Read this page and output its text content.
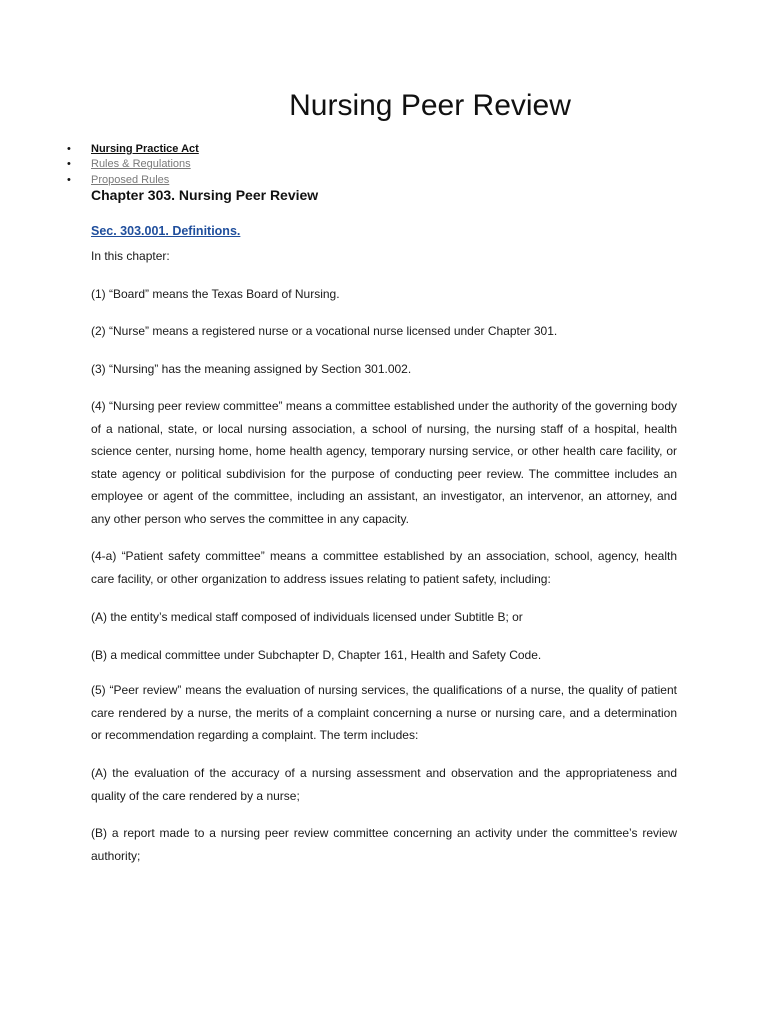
Nursing Peer Review
• Nursing Practice Act
• Rules & Regulations
• Proposed Rules
Chapter 303. Nursing Peer Review
Sec. 303.001. Definitions.

In this chapter:

(1) “Board” means the Texas Board of Nursing.

(2) “Nurse” means a registered nurse or a vocational nurse licensed under Chapter 301.

(3) “Nursing” has the meaning assigned by Section 301.002.

(4) “Nursing peer review committee” means a committee established under the authority of the governing body of a national, state, or local nursing association, a school of nursing, the nursing staff of a hospital, health science center, nursing home, home health agency, temporary nursing service, or other health care facility, or state agency or political subdivision for the purpose of conducting peer review. The committee includes an employee or agent of the committee, including an assistant, an investigator, an intervenor, an attorney, and any other person who serves the committee in any capacity.

(4-a) “Patient safety committee” means a committee established by an association, school, agency, health care facility, or other organization to address issues relating to patient safety, including:

(A) the entity’s medical staff composed of individuals licensed under Subtitle B; or

(B) a medical committee under Subchapter D, Chapter 161, Health and Safety Code.

(5) “Peer review” means the evaluation of nursing services, the qualifications of a nurse, the quality of patient care rendered by a nurse, the merits of a complaint concerning a nurse or nursing care, and a determination or recommendation regarding a complaint. The term includes:

(A) the evaluation of the accuracy of a nursing assessment and observation and the appropriateness and quality of the care rendered by a nurse;

(B) a report made to a nursing peer review committee concerning an activity under the committee’s review authority;
